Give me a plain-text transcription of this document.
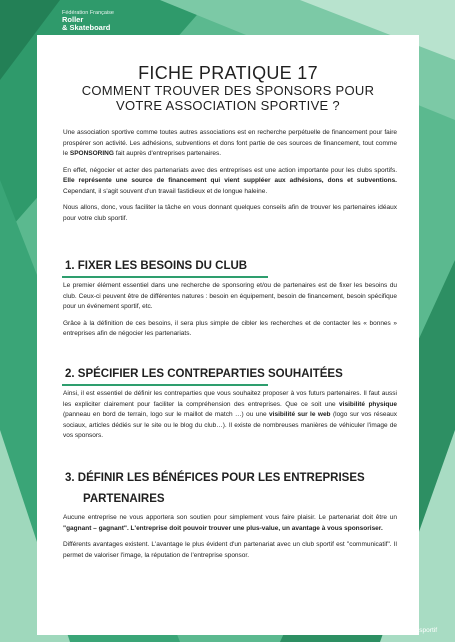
Fédération Française
Roller
& Skateboard
FICHE PRATIQUE 17
COMMENT TROUVER DES SPONSORS POUR
VOTRE ASSOCIATION SPORTIVE ?

Une association sportive comme toutes autres associations est en recherche perpétuelle de financement pour faire prospérer son activité. Les adhésions, subventions et dons font partie de ces sources de financement, tout comme le SPONSORING fait auprès d'entreprises partenaires.

En effet, négocier et acter des partenariats avec des entreprises est une action importante pour les clubs sportifs. Elle représente une source de financement qui vient suppléer aux adhésions, dons et subventions. Cependant, il s'agit souvent d'un travail fastidieux et de longue haleine.

Nous allons, donc, vous faciliter la tâche en vous donnant quelques conseils afin de trouver les partenaires idéaux pour votre club sportif.

1. FIXER LES BESOINS DU CLUB

Le premier élément essentiel dans une recherche de sponsoring et/ou de partenaires est de fixer les besoins du club. Ceux-ci peuvent être de différentes natures : besoin en équipement, besoin de financement, besoin spécifique pour un événement sportif, etc.

Grâce à la définition de ces besoins, il sera plus simple de cibler les recherches et de contacter les « bonnes » entreprises afin de négocier les partenariats.

2. SPÉCIFIER LES CONTREPARTIES SOUHAITÉES

Ainsi, il est essentiel de définir les contreparties que vous souhaitez proposer à vos futurs partenaires. Il faut aussi les expliciter clairement pour faciliter la compréhension des entreprises. Que ce soit une visibilité physique (panneau en bord de terrain, logo sur le maillot de match …) ou une visibilité sur le web (logo sur vos réseaux sociaux, articles dédiés sur le site ou le blog du club…). Il existe de nombreuses manières de véhiculer l'image de vos sponsors.

3. DÉFINIR LES BÉNÉFICES POUR LES ENTREPRISES
PARTENAIRES

Aucune entreprise ne vous apportera son soutien pour simplement vous faire plaisir. Le partenariat doit être un "gagnant – gagnant". L'entreprise doit pouvoir trouver une plus-value, un avantage à vous sponsoriser.

Différents avantages existent. L'avantage le plus évident d'un partenariat avec un club sportif est "communicatif". Il permet de valoriser l'image, la réputation de l'entreprise sponsor.

Fiche pratique – Sponsoring sportif
